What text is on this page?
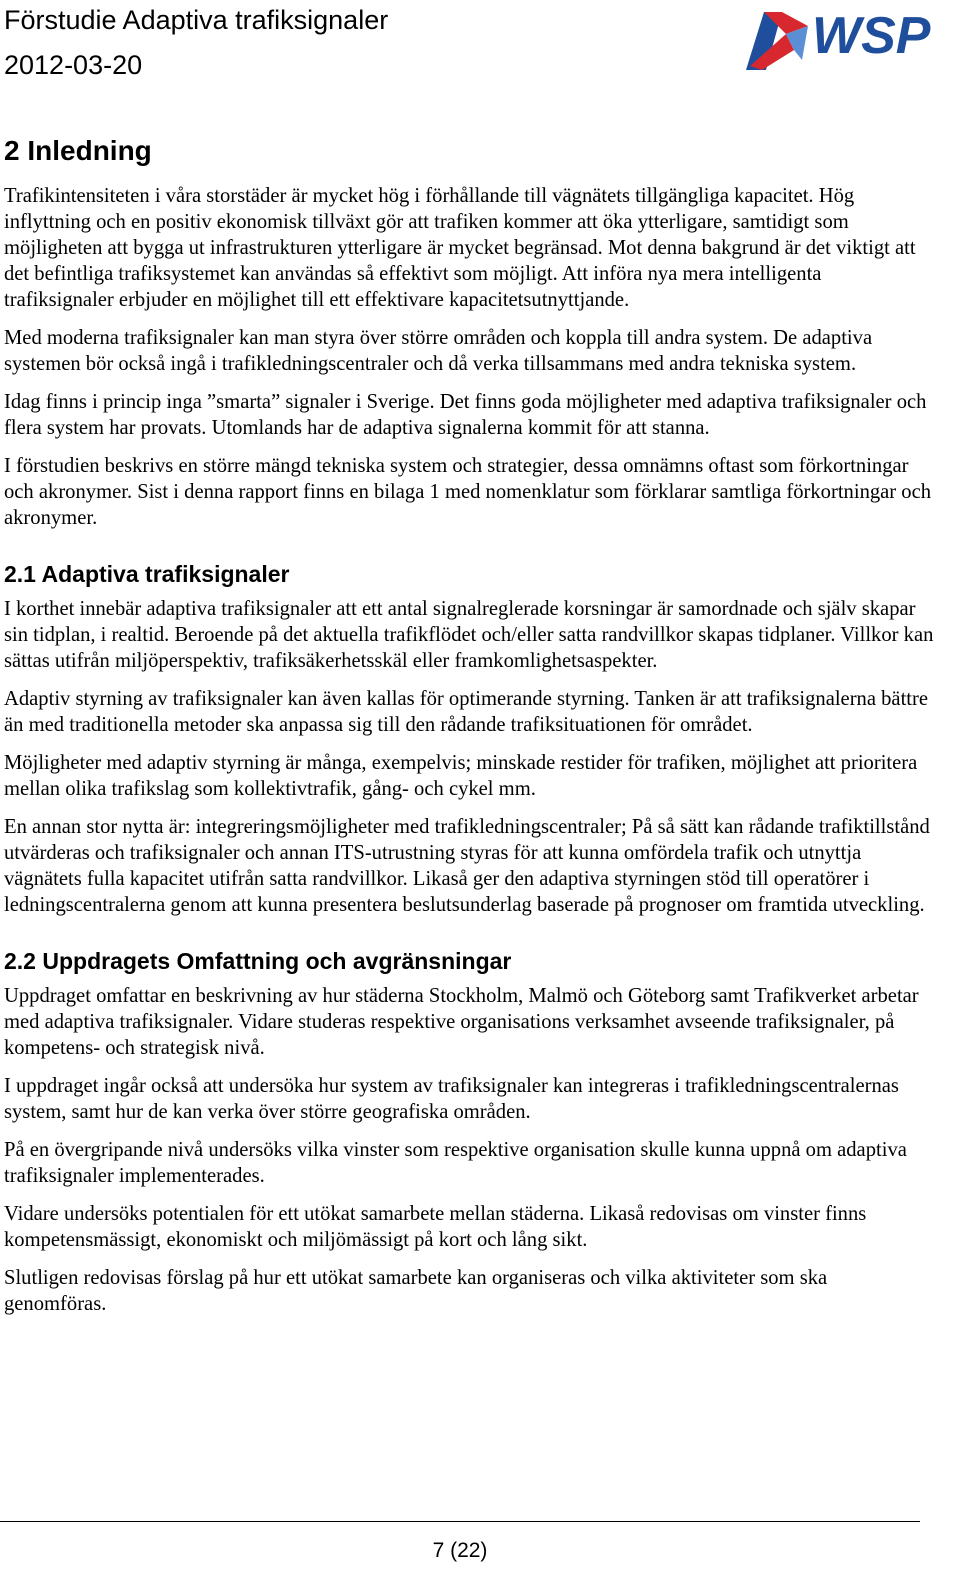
Förstudie Adaptiva trafiksignaler
2012-03-20	WSP
2 Inledning

Trafikintensiteten i våra storstäder är mycket hög i förhållande till vägnätets tillgängliga kapacitet. Hög inflyttning och en positiv ekonomisk tillväxt gör att trafiken kommer att öka ytterligare, samtidigt som möjligheten att bygga ut infrastrukturen ytterligare är mycket begränsad. Mot denna bakgrund är det viktigt att det befintliga trafiksystemet kan användas så effektivt som möjligt. Att införa nya mera intelligenta trafiksignaler erbjuder en möjlighet till ett effektivare kapacitetsutnyttjande.

Med moderna trafiksignaler kan man styra över större områden och koppla till andra system. De adaptiva systemen bör också ingå i trafikledningscentraler och då verka tillsammans med andra tekniska system.

Idag finns i princip inga ”smarta” signaler i Sverige. Det finns goda möjligheter med adaptiva trafiksignaler och flera system har provats. Utomlands har de adaptiva signalerna kommit för att stanna.

I förstudien beskrivs en större mängd tekniska system och strategier, dessa omnämns oftast som förkortningar och akronymer. Sist i denna rapport finns en bilaga 1 med nomenklatur som förklarar samtliga förkortningar och akronymer.

2.1 Adaptiva trafiksignaler

I korthet innebär adaptiva trafiksignaler att ett antal signalreglerade korsningar är samordnade och själv skapar sin tidplan, i realtid. Beroende på det aktuella trafikflödet och/eller satta randvillkor skapas tidplaner. Villkor kan sättas utifrån miljöperspektiv, trafiksäkerhetsskäl eller framkomlighetsaspekter.

Adaptiv styrning av trafiksignaler kan även kallas för optimerande styrning. Tanken är att trafiksignalerna bättre än med traditionella metoder ska anpassa sig till den rådande trafiksituationen för området.

Möjligheter med adaptiv styrning är många, exempelvis; minskade restider för trafiken, möjlighet att prioritera mellan olika trafikslag som kollektivtrafik, gång- och cykel mm.

En annan stor nytta är: integreringsmöjligheter med trafikledningscentraler; På så sätt kan rådande trafiktillstånd utvärderas och trafiksignaler och annan ITS-utrustning styras för att kunna omfördela trafik och utnyttja vägnätets fulla kapacitet utifrån satta randvillkor. Likaså ger den adaptiva styrningen stöd till operatörer i ledningscentralerna genom att kunna presentera beslutsunderlag baserade på prognoser om framtida utveckling.

2.2 Uppdragets Omfattning och avgränsningar

Uppdraget omfattar en beskrivning av hur städerna Stockholm, Malmö och Göteborg samt Trafikverket arbetar med adaptiva trafiksignaler. Vidare studeras respektive organisations verksamhet avseende trafiksignaler, på kompetens- och strategisk nivå.

I uppdraget ingår också att undersöka hur system av trafiksignaler kan integreras i trafikledningscentralernas system, samt hur de kan verka över större geografiska områden.

På en övergripande nivå undersöks vilka vinster som respektive organisation skulle kunna uppnå om adaptiva trafiksignaler implementerades.

Vidare undersöks potentialen för ett utökat samarbete mellan städerna. Likaså redovisas om vinster finns kompetensmässigt, ekonomiskt och miljömässigt på kort och lång sikt.

Slutligen redovisas förslag på hur ett utökat samarbete kan organiseras och vilka aktiviteter som ska genomföras.

7 (22)
